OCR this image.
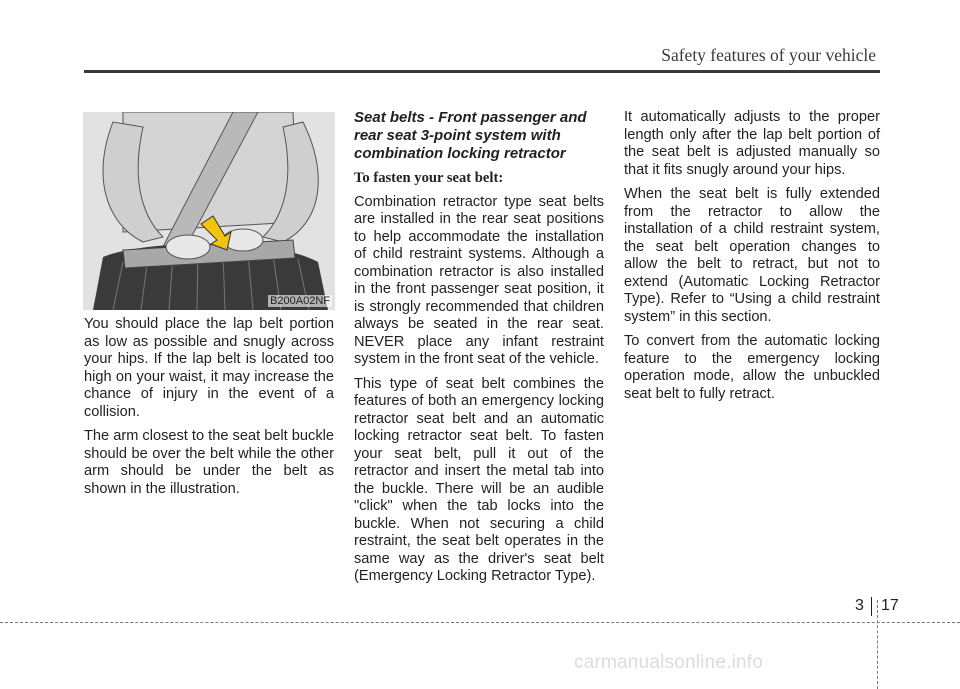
Safety features of your vehicle
B200A02NF

You should place the lap belt portion as low as possible and snugly across your hips. If the lap belt is located too high on your waist, it may increase the chance of injury in the event of a collision.

The arm closest to the seat belt buckle should be over the belt while the other arm should be under the belt as shown in the illustration.

Seat belts - Front passenger and rear seat 3-point system with combination locking retractor
To fasten your seat belt:

Combination retractor type seat belts are installed in the rear seat positions to help accommodate the installation of child restraint systems. Although a combination retractor is also installed in the front passenger seat position, it is strongly recommended that children always be seated in the rear seat. NEVER place any infant restraint system in the front seat of the vehicle.

This type of seat belt combines the features of both an emergency locking retractor seat belt and an automatic locking retractor seat belt. To fasten your seat belt, pull it out of the retractor and insert the metal tab into the buckle. There will be an audible "click" when the tab locks into the buckle. When not securing a child restraint, the seat belt operates in the same way as the driver's seat belt (Emergency Locking Retractor Type).

It automatically adjusts to the proper length only after the lap belt portion of the seat belt is adjusted manually so that it fits snugly around your hips.

When the seat belt is fully extended from the retractor to allow the installation of a child restraint system, the seat belt operation changes to allow the belt to retract, but not to extend (Automatic Locking Retractor Type). Refer to “Using a child restraint system” in this section.

To convert from the automatic locking feature to the emergency locking operation mode, allow the unbuckled seat belt to fully retract.

3 17
carmanualsonline.info
